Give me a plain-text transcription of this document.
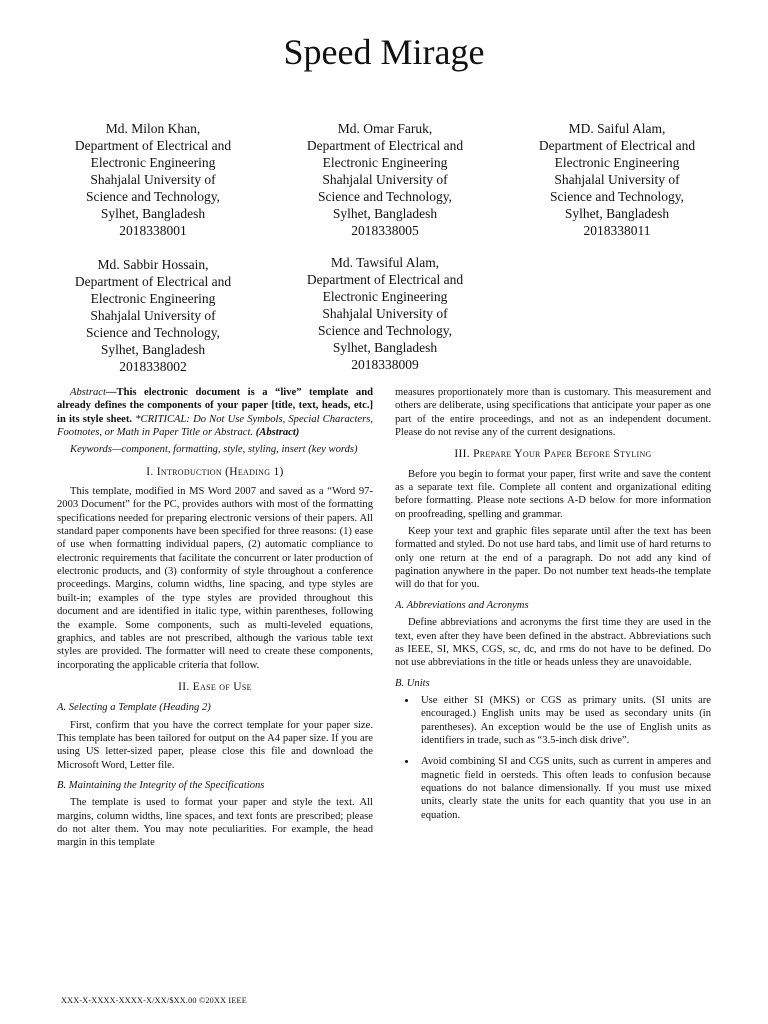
Speed Mirage
Md. Milon Khan,
Department of Electrical and
Electronic Engineering
Shahjalal University of
Science and Technology,
Sylhet, Bangladesh
2018338001
Md. Omar Faruk,
Department of Electrical and
Electronic Engineering
Shahjalal University of
Science and Technology,
Sylhet, Bangladesh
2018338005
MD. Saiful Alam,
Department of Electrical and
Electronic Engineering
Shahjalal University of
Science and Technology,
Sylhet, Bangladesh
2018338011
Md. Sabbir Hossain,
Department of Electrical and
Electronic Engineering
Shahjalal University of
Science and Technology,
Sylhet, Bangladesh
2018338002
Md. Tawsiful Alam,
Department of Electrical and
Electronic Engineering
Shahjalal University of
Science and Technology,
Sylhet, Bangladesh
2018338009

Abstract—This electronic document is a “live” template and already defines the components of your paper [title, text, heads, etc.] in its style sheet. *CRITICAL: Do Not Use Symbols, Special Characters, Footnotes, or Math in Paper Title or Abstract. (Abstract)

Keywords—component, formatting, style, styling, insert (key words)

I. Introduction (Heading 1)

This template, modified in MS Word 2007 and saved as a “Word 97-2003 Document” for the PC, provides authors with most of the formatting specifications needed for preparing electronic versions of their papers. All standard paper components have been specified for three reasons: (1) ease of use when formatting individual papers, (2) automatic compliance to electronic requirements that facilitate the concurrent or later production of electronic products, and (3) conformity of style throughout a conference proceedings. Margins, column widths, line spacing, and type styles are built-in; examples of the type styles are provided throughout this document and are identified in italic type, within parentheses, following the example. Some components, such as multi-leveled equations, graphics, and tables are not prescribed, although the various table text styles are provided. The formatter will need to create these components, incorporating the applicable criteria that follow.

II. Ease of Use
A. Selecting a Template (Heading 2)

First, confirm that you have the correct template for your paper size. This template has been tailored for output on the A4 paper size. If you are using US letter-sized paper, please close this file and download the Microsoft Word, Letter file.

B. Maintaining the Integrity of the Specifications

The template is used to format your paper and style the text. All margins, column widths, line spaces, and text fonts are prescribed; please do not alter them. You may note peculiarities. For example, the head margin in this template

measures proportionately more than is customary. This measurement and others are deliberate, using specifications that anticipate your paper as one part of the entire proceedings, and not as an independent document. Please do not revise any of the current designations.

III. Prepare Your Paper Before Styling

Before you begin to format your paper, first write and save the content as a separate text file. Complete all content and organizational editing before formatting. Please note sections A-D below for more information on proofreading, spelling and grammar.

Keep your text and graphic files separate until after the text has been formatted and styled. Do not use hard tabs, and limit use of hard returns to only one return at the end of a paragraph. Do not add any kind of pagination anywhere in the paper. Do not number text heads-the template will do that for you.

A. Abbreviations and Acronyms

Define abbreviations and acronyms the first time they are used in the text, even after they have been defined in the abstract. Abbreviations such as IEEE, SI, MKS, CGS, sc, dc, and rms do not have to be defined. Do not use abbreviations in the title or heads unless they are unavoidable.

B. Units
• Use either SI (MKS) or CGS as primary units. (SI units are encouraged.) English units may be used as secondary units (in parentheses). An exception would be the use of English units as identifiers in trade, such as “3.5-inch disk drive”.
• Avoid combining SI and CGS units, such as current in amperes and magnetic field in oersteds. This often leads to confusion because equations do not balance dimensionally. If you must use mixed units, clearly state the units for each quantity that you use in an equation.
XXX-X-XXXX-XXXX-X/XX/$XX.00 ©20XX IEEE
